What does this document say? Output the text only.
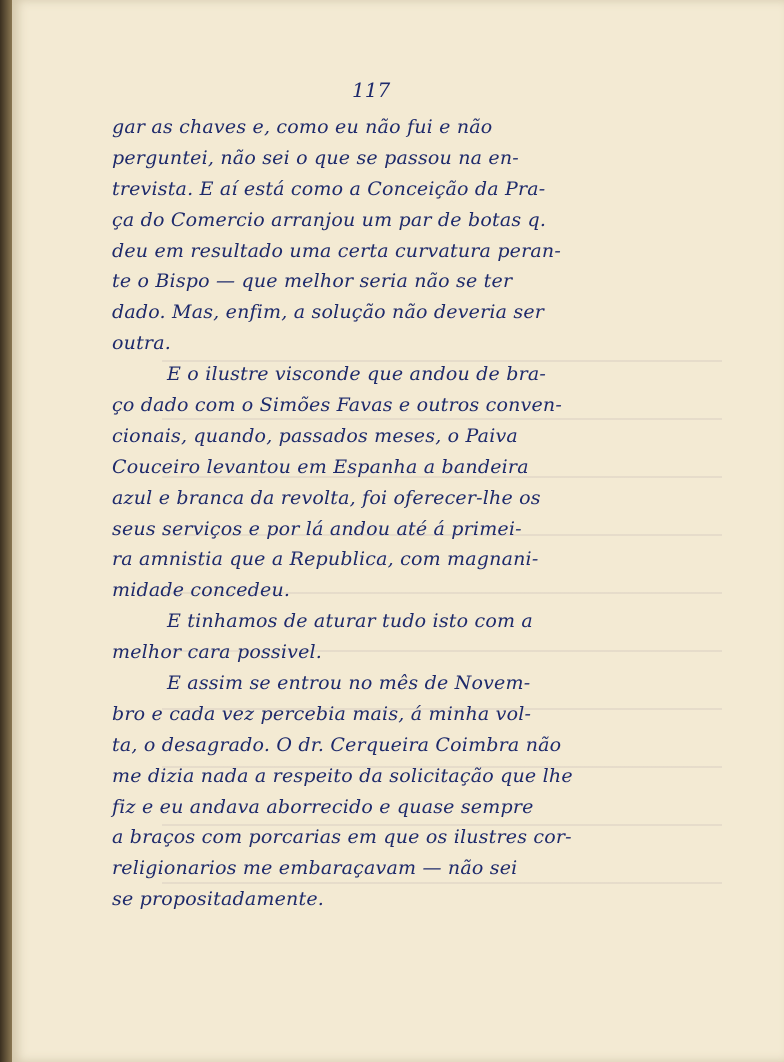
117
gar as chaves e, como eu não fui e não
perguntei, não sei o que se passou na en-
trevista. E aí está como a Conceição da Pra-
ça do Comercio arranjou um par de botas q.
deu em resultado uma certa curvatura peran-
te o Bispo — que melhor seria não se ter
dado. Mas, enfim, a solução não deveria ser
outra.
E o ilustre visconde que andou de bra-
ço dado com o Simões Favas e outros conven-
cionais, quando, passados meses, o Paiva
Couceiro levantou em Espanha a bandeira
azul e branca da revolta, foi oferecer-lhe os
seus serviços e por lá andou até á primei-
ra amnistia que a Republica, com magnani-
midade concedeu.
E tinhamos de aturar tudo isto com a
melhor cara possivel.
E assim se entrou no mês de Novem-
bro e cada vez percebia mais, á minha vol-
ta, o desagrado. O dr. Cerqueira Coimbra não
me dizia nada a respeito da solicitação que lhe
fiz e eu andava aborrecido e quase sempre
a braços com porcarias em que os ilustres cor-
religionarios me embaraçavam — não sei
se propositadamente.
